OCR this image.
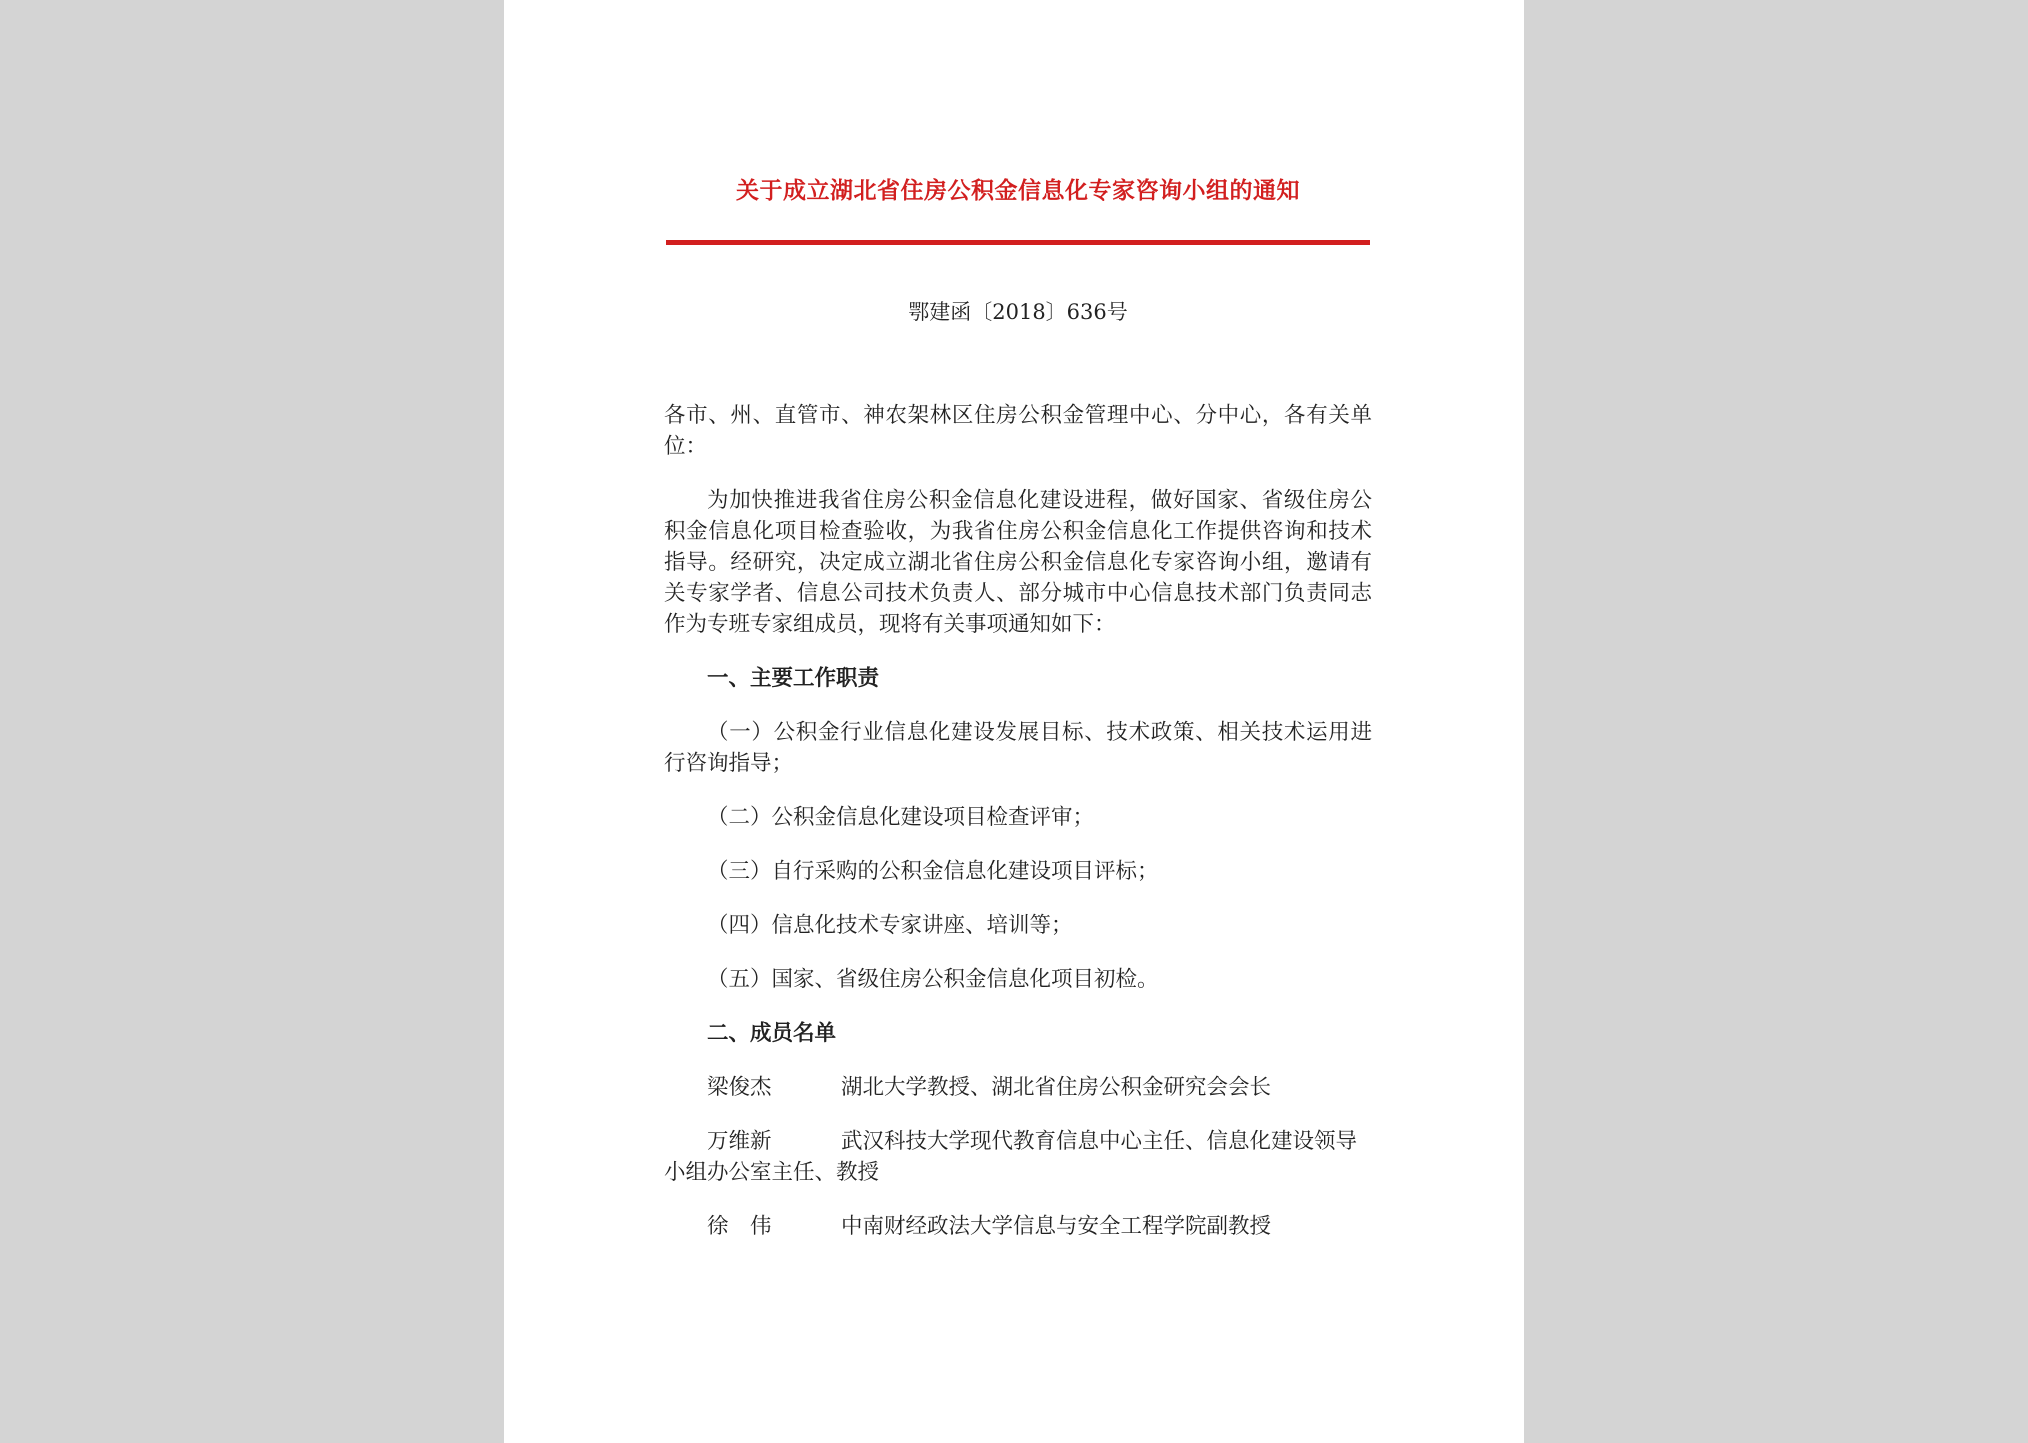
关于成立湖北省住房公积金信息化专家咨询小组的通知
鄂建函〔2018〕636号

各市、州、直管市、神农架林区住房公积金管理中心、分中心，各有关单位：

为加快推进我省住房公积金信息化建设进程，做好国家、省级住房公积金信息化项目检查验收，为我省住房公积金信息化工作提供咨询和技术指导。经研究，决定成立湖北省住房公积金信息化专家咨询小组，邀请有关专家学者、信息公司技术负责人、部分城市中心信息技术部门负责同志作为专班专家组成员，现将有关事项通知如下：

一、主要工作职责

（一）公积金行业信息化建设发展目标、技术政策、相关技术运用进行咨询指导；

（二）公积金信息化建设项目检查评审；

（三）自行采购的公积金信息化建设项目评标；

（四）信息化技术专家讲座、培训等；

（五）国家、省级住房公积金信息化项目初检。

二、成员名单

梁俊杰	湖北大学教授、湖北省住房公积金研究会会长

万维新	武汉科技大学现代教育信息中心主任、信息化建设领导小组办公室主任、教授

徐　伟	中南财经政法大学信息与安全工程学院副教授
